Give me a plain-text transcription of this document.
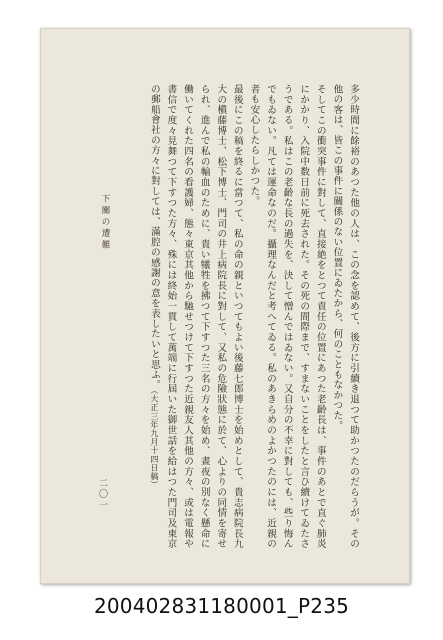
多少時間に餘裕のあつた他の人は、この念を認めて、後方に引續き退つて助かつたのだらうが。その他の客は、皆この事件に關係のない位置にゐたから、何のこともなかつた。

そしてこの衝突事件に對して、直接絶をとつて責任の位置にあつた老齡長は、事件のあとで直ぐ肺炎にかかり、入院中数日前に死去された。その死の間際まで、すまないことをしたと言ひ續けてゐたさうである。私はこの老齡な長の過失を、決して憎んではゐない。又自分の不幸に對しても、些り悔んでもゐない。凡ては運命なのだ。攝理なんだと考へてゐる。私のあきらめのよかつたのには、近親の者も安心したらしかつた。

最後にこの稿を終るに當つて、私の命の親といつてもよい後藤七郎博士を始めとして、貴志病院長九大の槇藤博士、松下博士、門司の井上病院長に對して、又私の危險狀態に於て、心よりの同情を寄せられ、進んで私の輸血のために、貴い犧牲を拂つて下すつた三名の方々を始め、晝夜の別なく懸命に働いてくれた四名の看護婦、態々東京其他から馳せつけて下すつた近親友人其他の方々、或は電報や書信で度々見舞つて下すつた方々、殊には終始一貫して萬端に行屆いた御世話を給はつた門司及東京の郵船會社の方々に對しては、滿腔の感謝の意を表したいと思ふ。（大正三年九月十四日稿）

下關の遭難
二〇一
200402831180001_P235
